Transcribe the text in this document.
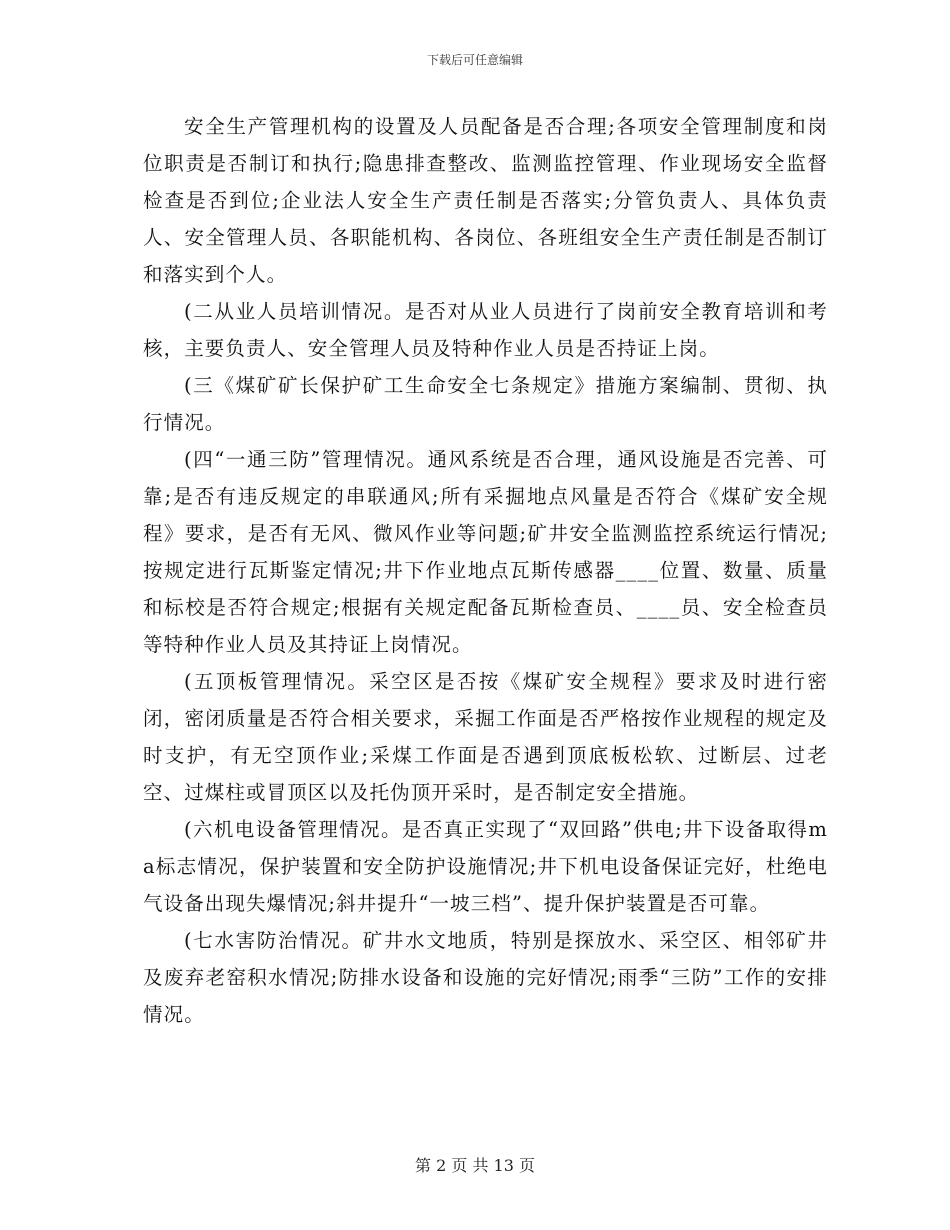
下载后可任意编辑

安全生产管理机构的设置及人员配备是否合理;各项安全管理制度和岗位职责是否制订和执行;隐患排查整改、监测监控管理、作业现场安全监督检查是否到位;企业法人安全生产责任制是否落实;分管负责人、具体负责人、安全管理人员、各职能机构、各岗位、各班组安全生产责任制是否制订和落实到个人。

(二从业人员培训情况。是否对从业人员进行了岗前安全教育培训和考核，主要负责人、安全管理人员及特种作业人员是否持证上岗。

(三《煤矿矿长保护矿工生命安全七条规定》措施方案编制、贯彻、执行情况。

(四“一通三防”管理情况。通风系统是否合理，通风设施是否完善、可靠;是否有违反规定的串联通风;所有采掘地点风量是否符合《煤矿安全规程》要求，是否有无风、微风作业等问题;矿井安全监测监控系统运行情况;按规定进行瓦斯鉴定情况;井下作业地点瓦斯传感器____位置、数量、质量和标校是否符合规定;根据有关规定配备瓦斯检查员、____员、安全检查员等特种作业人员及其持证上岗情况。

(五顶板管理情况。采空区是否按《煤矿安全规程》要求及时进行密闭，密闭质量是否符合相关要求，采掘工作面是否严格按作业规程的规定及时支护，有无空顶作业;采煤工作面是否遇到顶底板松软、过断层、过老空、过煤柱或冒顶区以及托伪顶开采时，是否制定安全措施。

(六机电设备管理情况。是否真正实现了“双回路”供电;井下设备取得ma标志情况，保护装置和安全防护设施情况;井下机电设备保证完好，杜绝电气设备出现失爆情况;斜井提升“一坡三档”、提升保护装置是否可靠。

(七水害防治情况。矿井水文地质，特别是探放水、采空区、相邻矿井及废弃老窑积水情况;防排水设备和设施的完好情况;雨季“三防”工作的安排情况。

第 2 页 共 13 页
